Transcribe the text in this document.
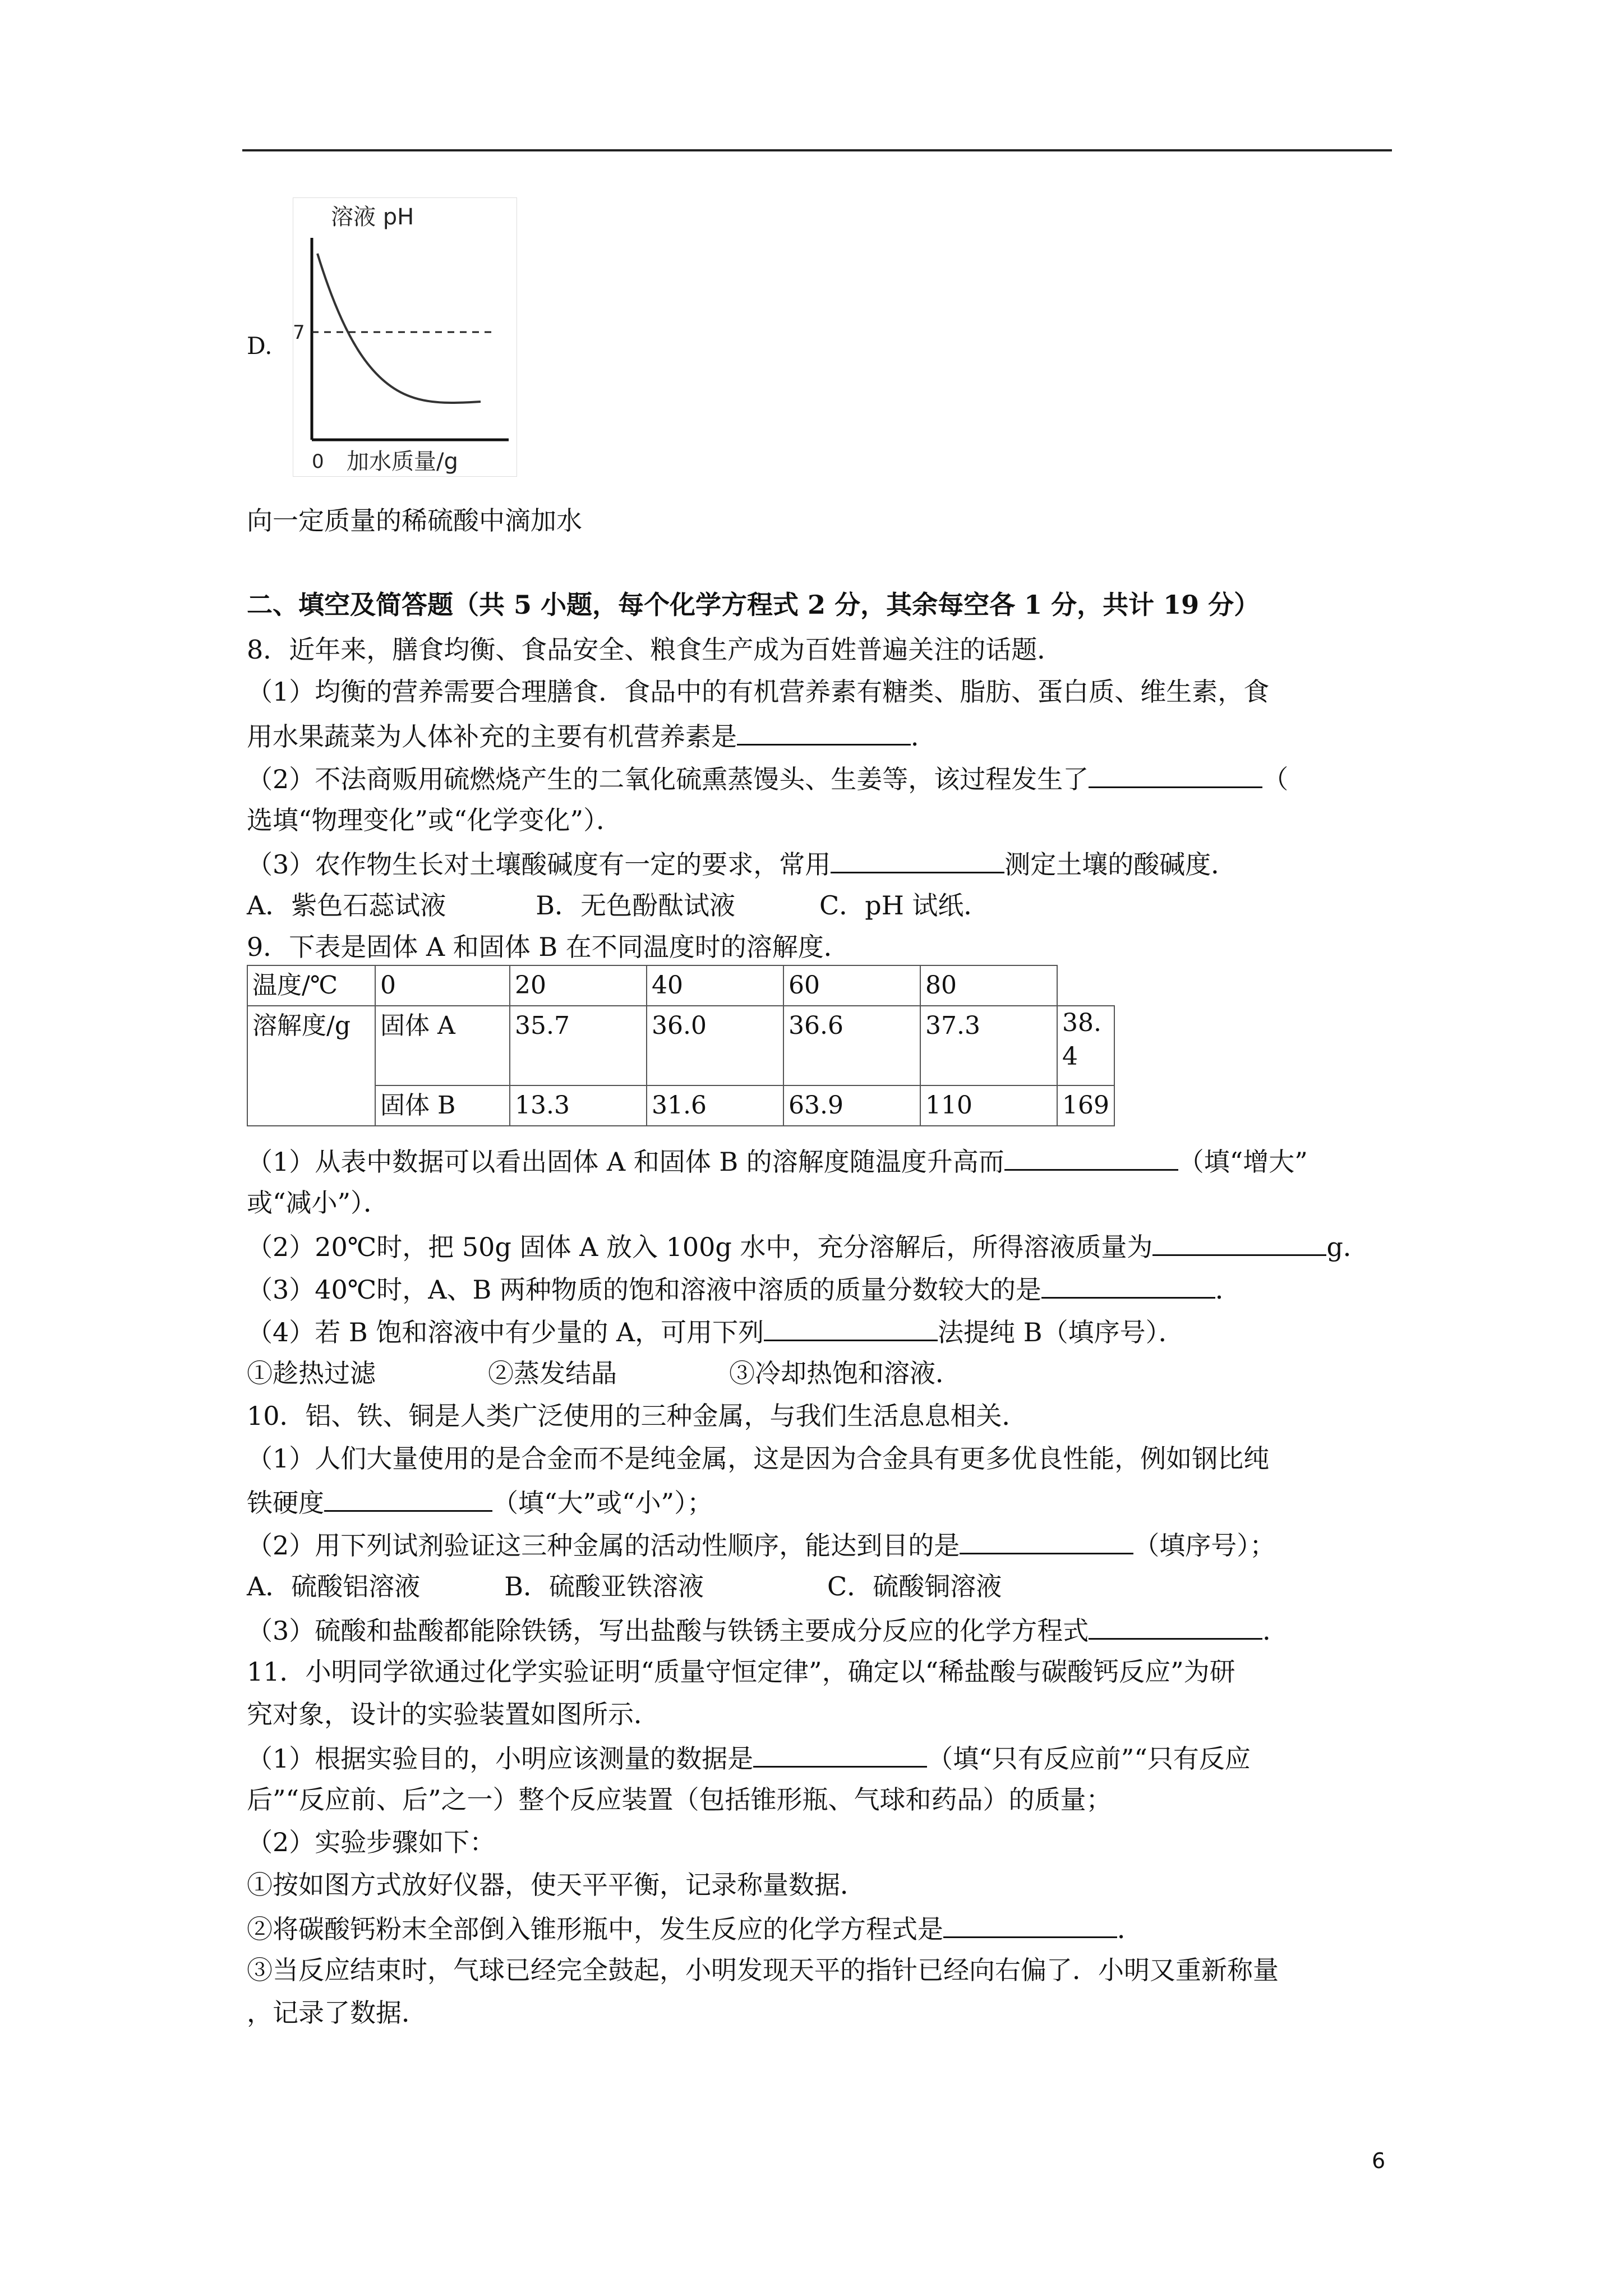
D.
溶液 pH
7
0 加水质量/g
向一定质量的稀硫酸中滴加水
二、填空及简答题（共 5 小题，每个化学方程式 2 分，其余每空各 1 分，共计 19 分）
8．近年来，膳食均衡、食品安全、粮食生产成为百姓普遍关注的话题．
（1）均衡的营养需要合理膳食．食品中的有机营养素有糖类、脂肪、蛋白质、维生素，食
用水果蔬菜为人体补充的主要有机营养素是	．
（2）不法商贩用硫燃烧产生的二氧化硫熏蒸馒头、生姜等，该过程发生了	（
选填“物理变化”或“化学变化”）．
（3）农作物生长对土壤酸碱度有一定的要求，常用	测定土壤的酸碱度．
A．紫色石蕊试液	B．无色酚酞试液	C．pH 试纸．
9．下表是固体 A 和固体 B 在不同温度时的溶解度．
温度/℃	0	20	40	60	80	
溶解度/g	固体 A	35.7	36.0	36.6	37.3	38.
4
	固体 B	13.3	31.6	63.9	110	169
（1）从表中数据可以看出固体 A 和固体 B 的溶解度随温度升高而	（填“增大”
或“减小”）．
（2）20℃时，把 50g 固体 A 放入 100g 水中，充分溶解后，所得溶液质量为	g．
（3）40℃时，A、B 两种物质的饱和溶液中溶质的质量分数较大的是	．
（4）若 B 饱和溶液中有少量的 A，可用下列	法提纯 B（填序号）．
①趁热过滤	②蒸发结晶	③冷却热饱和溶液．
10．铝、铁、铜是人类广泛使用的三种金属，与我们生活息息相关．
（1）人们大量使用的是合金而不是纯金属，这是因为合金具有更多优良性能，例如钢比纯
铁硬度	（填“大”或“小”）；
（2）用下列试剂验证这三种金属的活动性顺序，能达到目的是	（填序号）；
A．硫酸铝溶液	B．硫酸亚铁溶液	C．硫酸铜溶液
（3）硫酸和盐酸都能除铁锈，写出盐酸与铁锈主要成分反应的化学方程式	．
11．小明同学欲通过化学实验证明“质量守恒定律”，确定以“稀盐酸与碳酸钙反应”为研
究对象，设计的实验装置如图所示．
（1）根据实验目的，小明应该测量的数据是	（填“只有反应前”“只有反应
后”“反应前、后”之一）整个反应装置（包括锥形瓶、气球和药品）的质量；
（2）实验步骤如下：
①按如图方式放好仪器，使天平平衡，记录称量数据．
②将碳酸钙粉末全部倒入锥形瓶中，发生反应的化学方程式是	．
③当反应结束时，气球已经完全鼓起，小明发现天平的指针已经向右偏了．小明又重新称量
，记录了数据．
6
